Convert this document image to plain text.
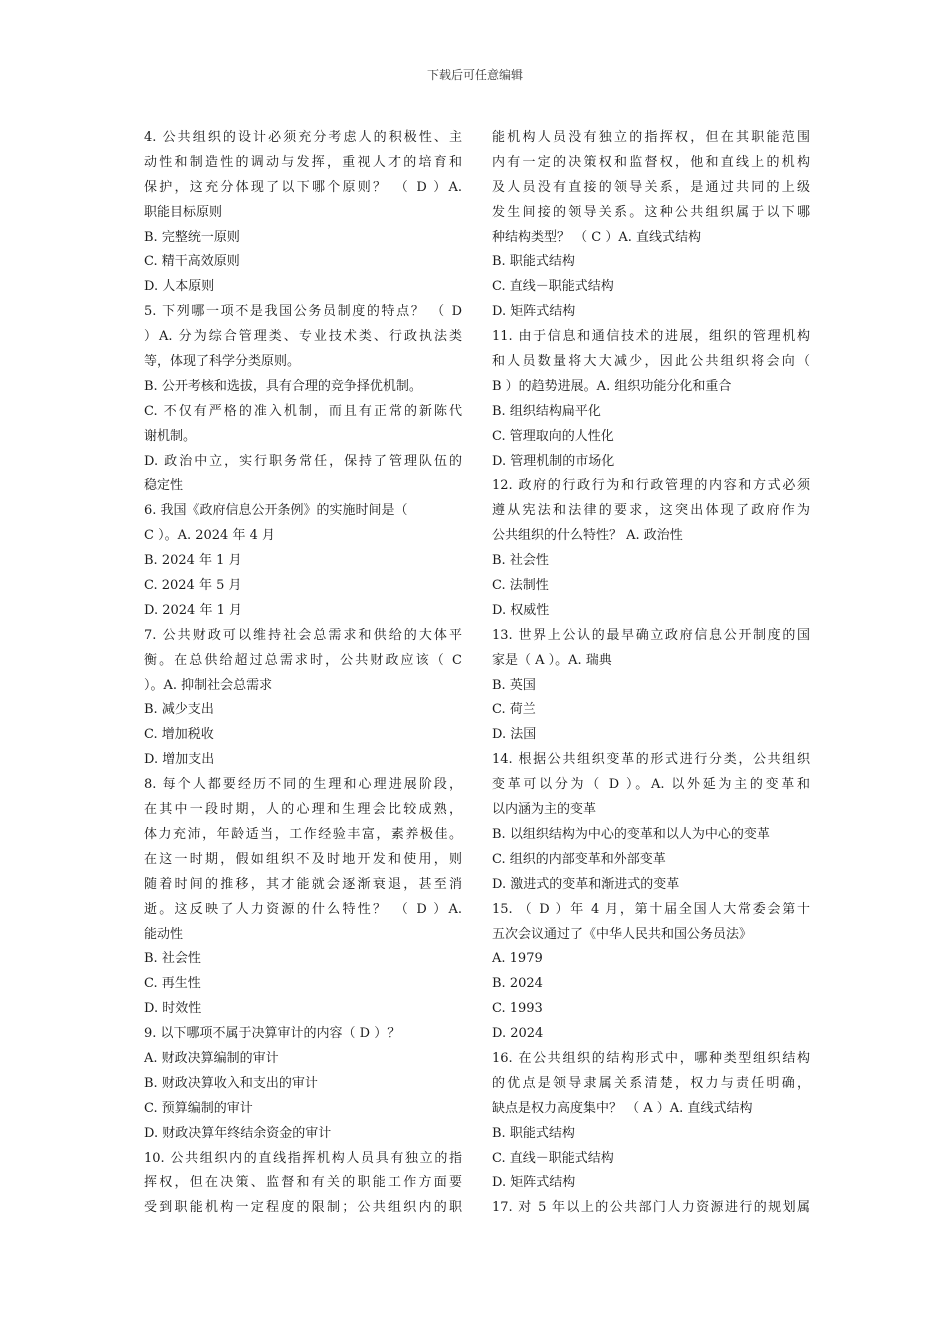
下载后可任意编辑
4. 公共组织的设计必须充分考虑人的积极性、主
动性和制造性的调动与发挥，重视人才的培育和
保护，这充分体现了以下哪个原则？ （ D ）A.
职能目标原则
B. 完整统一原则
C. 精干高效原则
D. 人本原则
5. 下列哪一项不是我国公务员制度的特点？ （ D
）A. 分为综合管理类、专业技术类、行政执法类
等，体现了科学分类原则。
B. 公开考核和选拔，具有合理的竞争择优机制。
C. 不仅有严格的准入机制，而且有正常的新陈代
谢机制。
D. 政治中立，实行职务常任，保持了管理队伍的
稳定性
6. 我国《政府信息公开条例》的实施时间是（
C ）。A. 2024 年 4 月
B. 2024 年 1 月
C. 2024 年 5 月
D. 2024 年 1 月
7. 公共财政可以维持社会总需求和供给的大体平
衡。在总供给超过总需求时，公共财政应该（ C
）。A. 抑制社会总需求
B. 减少支出
C. 增加税收
D. 增加支出
8. 每个人都要经历不同的生理和心理进展阶段，
在其中一段时期，人的心理和生理会比较成熟，
体力充沛，年龄适当，工作经验丰富，素养极佳。
在这一时期，假如组织不及时地开发和使用，则
随着时间的推移，其才能就会逐渐衰退，甚至消
逝。这反映了人力资源的什么特性？ （ D ）A.
能动性
B. 社会性
C. 再生性
D. 时效性
9. 以下哪项不属于决算审计的内容（ D ）？
A. 财政决算编制的审计
B. 财政决算收入和支出的审计
C. 预算编制的审计
D. 财政决算年终结余资金的审计
10. 公共组织内的直线指挥机构人员具有独立的指
挥权，但在决策、监督和有关的职能工作方面要
受到职能机构一定程度的限制；公共组织内的职
能机构人员没有独立的指挥权，但在其职能范围
内有一定的决策权和监督权，他和直线上的机构
及人员没有直接的领导关系，是通过共同的上级
发生间接的领导关系。这种公共组织属于以下哪
种结构类型？ （ C ）A. 直线式结构
B. 职能式结构
C. 直线－职能式结构
D. 矩阵式结构
11. 由于信息和通信技术的进展，组织的管理机构
和人员数量将大大减少，因此公共组织将会向（
B ）的趋势进展。A. 组织功能分化和重合
B. 组织结构扁平化
C. 管理取向的人性化
D. 管理机制的市场化
12. 政府的行政行为和行政管理的内容和方式必须
遵从宪法和法律的要求，这突出体现了政府作为
公共组织的什么特性？ A. 政治性
B. 社会性
C. 法制性
D. 权威性
13. 世界上公认的最早确立政府信息公开制度的国
家是（ A ）。A. 瑞典
B. 英国
C. 荷兰
D. 法国
14. 根据公共组织变革的形式进行分类，公共组织
变革可以分为（ D ）。A. 以外延为主的变革和
以内涵为主的变革
B. 以组织结构为中心的变革和以人为中心的变革
C. 组织的内部变革和外部变革
D. 激进式的变革和渐进式的变革
15. （ D ）年 4 月，第十届全国人大常委会第十
五次会议通过了《中华人民共和国公务员法》
A. 1979
B. 2024
C. 1993
D. 2024
16. 在公共组织的结构形式中，哪种类型组织结构
的优点是领导隶属关系清楚，权力与责任明确，
缺点是权力高度集中？ （ A ）A. 直线式结构
B. 职能式结构
C. 直线－职能式结构
D. 矩阵式结构
17. 对 5 年以上的公共部门人力资源进行的规划属
